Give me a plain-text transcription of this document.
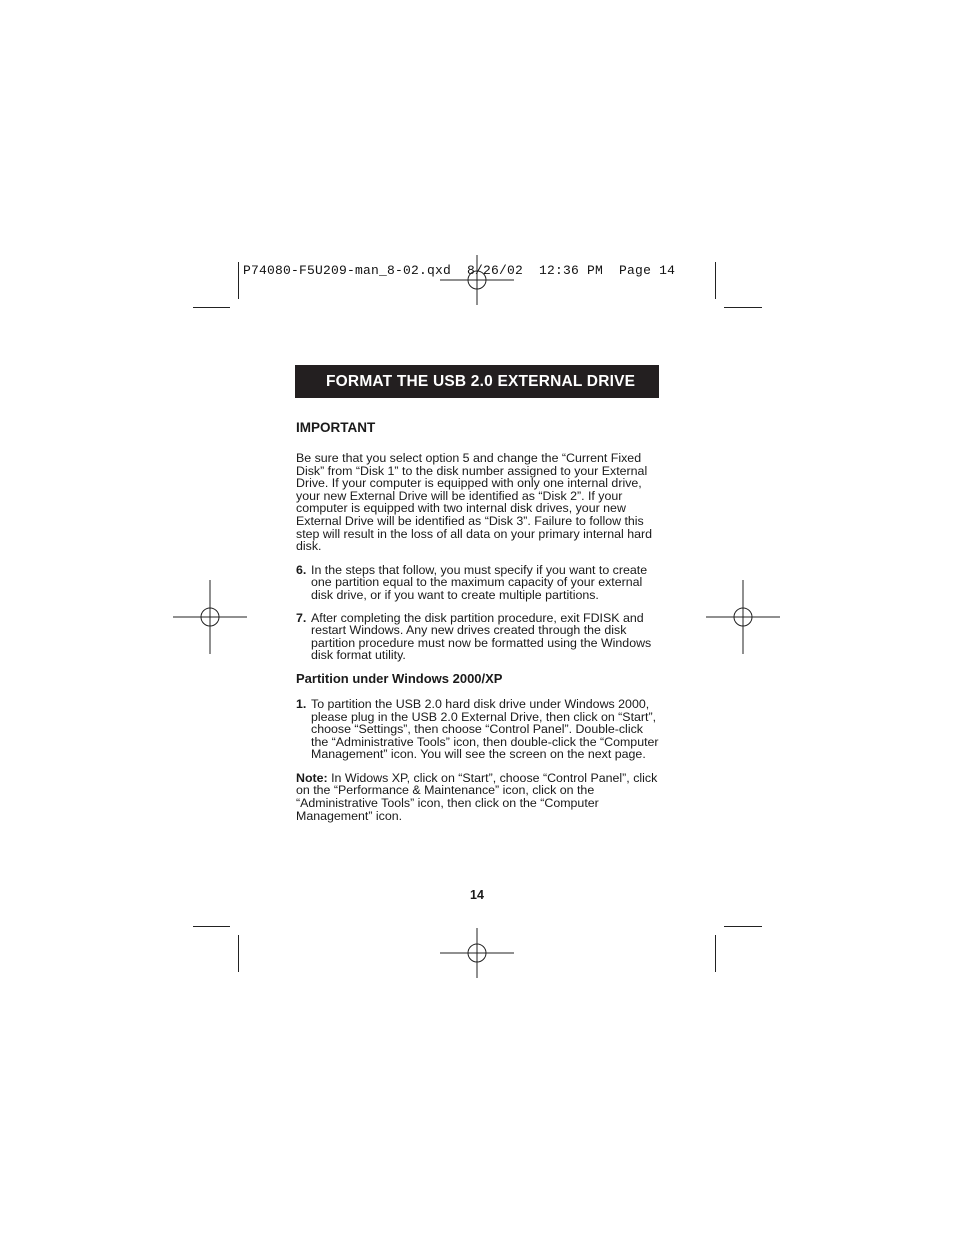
P74080-F5U209-man_8-02.qxd  8/26/02  12:36 PM  Page 14
FORMAT THE USB 2.0 EXTERNAL DRIVE
IMPORTANT

Be sure that you select option 5 and change the “Current Fixed Disk” from “Disk 1” to the disk number assigned to your External Drive. If your computer is equipped with only one internal drive, your new External Drive will be identified as “Disk 2”. If your computer is equipped with two internal disk drives, your new External Drive will be identified as “Disk 3”. Failure to follow this step will result in the loss of all data on your primary internal hard disk.

6. In the steps that follow, you must specify if you want to create one partition equal to the maximum capacity of your external disk drive, or if you want to create multiple partitions.
7. After completing the disk partition procedure, exit FDISK and restart Windows. Any new drives created through the disk partition procedure must now be formatted using the Windows disk format utility.
Partition under Windows 2000/XP
1. To partition the USB 2.0 hard disk drive under Windows 2000, please plug in the USB 2.0 External Drive, then click on “Start”, choose “Settings”, then choose “Control Panel”. Double-click the “Administrative Tools” icon, then double-click the “Computer Management” icon. You will see the screen on the next page.

Note: In Widows XP, click on “Start”, choose “Control Panel”, click on the “Performance & Maintenance” icon, click on the “Administrative Tools” icon, then click on the “Computer Management” icon.

14
